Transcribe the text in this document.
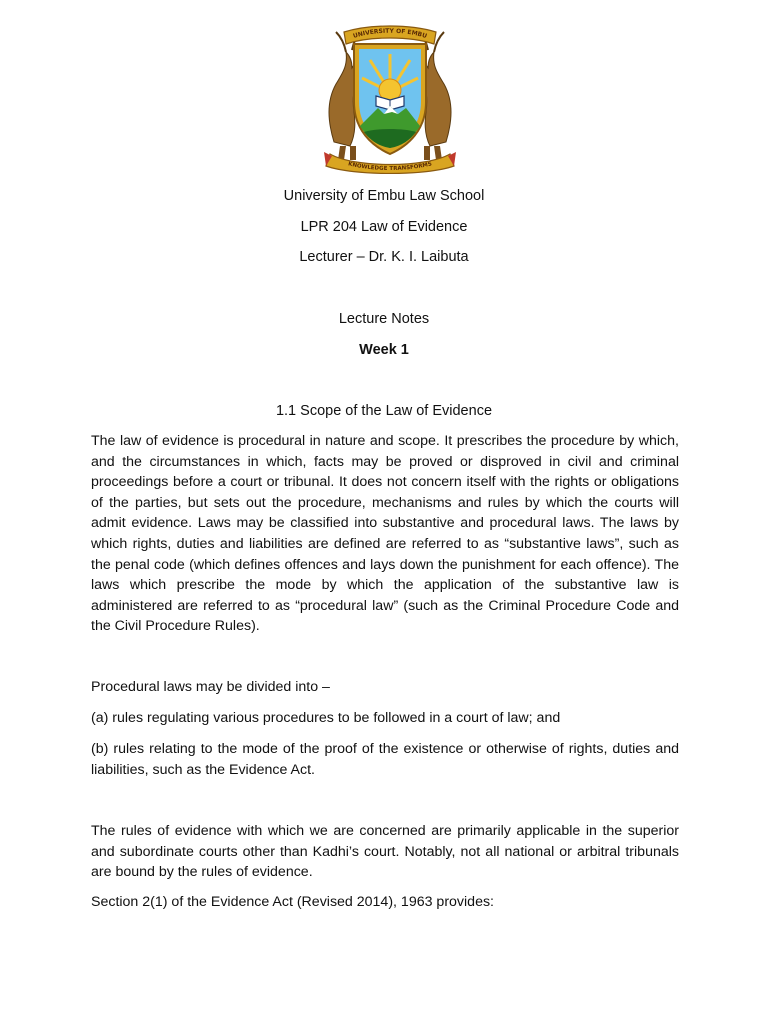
UNIVERSITY OF EMBU
KNOWLEDGE TRANSFORMS
University of Embu Law School
LPR 204 Law of Evidence
Lecturer – Dr. K. I. Laibuta
Lecture Notes
Week 1
1.1 Scope of the Law of Evidence
The law of evidence is procedural in nature and scope. It prescribes the procedure by which, and the circumstances in which, facts may be proved or disproved in civil and criminal proceedings before a court or tribunal. It does not concern itself with the rights or obligations of the parties, but sets out the procedure, mechanisms and rules by which the courts will admit evidence. Laws may be classified into substantive and procedural laws. The laws by which rights, duties and liabilities are defined are referred to as “substantive laws”, such as the penal code (which defines offences and lays down the punishment for each offence). The laws which prescribe the mode by which the application of the substantive law is administered are referred to as “procedural law” (such as the Criminal Procedure Code and the Civil Procedure Rules).
Procedural laws may be divided into –
(a) rules regulating various procedures to be followed in a court of law; and
(b) rules relating to the mode of the proof of the existence or otherwise of rights, duties and liabilities, such as the Evidence Act.
The rules of evidence with which we are concerned are primarily applicable in the superior and subordinate courts other than Kadhi’s court. Notably, not all national or arbitral tribunals are bound by the rules of evidence.
Section 2(1) of the Evidence Act (Revised 2014), 1963 provides:
